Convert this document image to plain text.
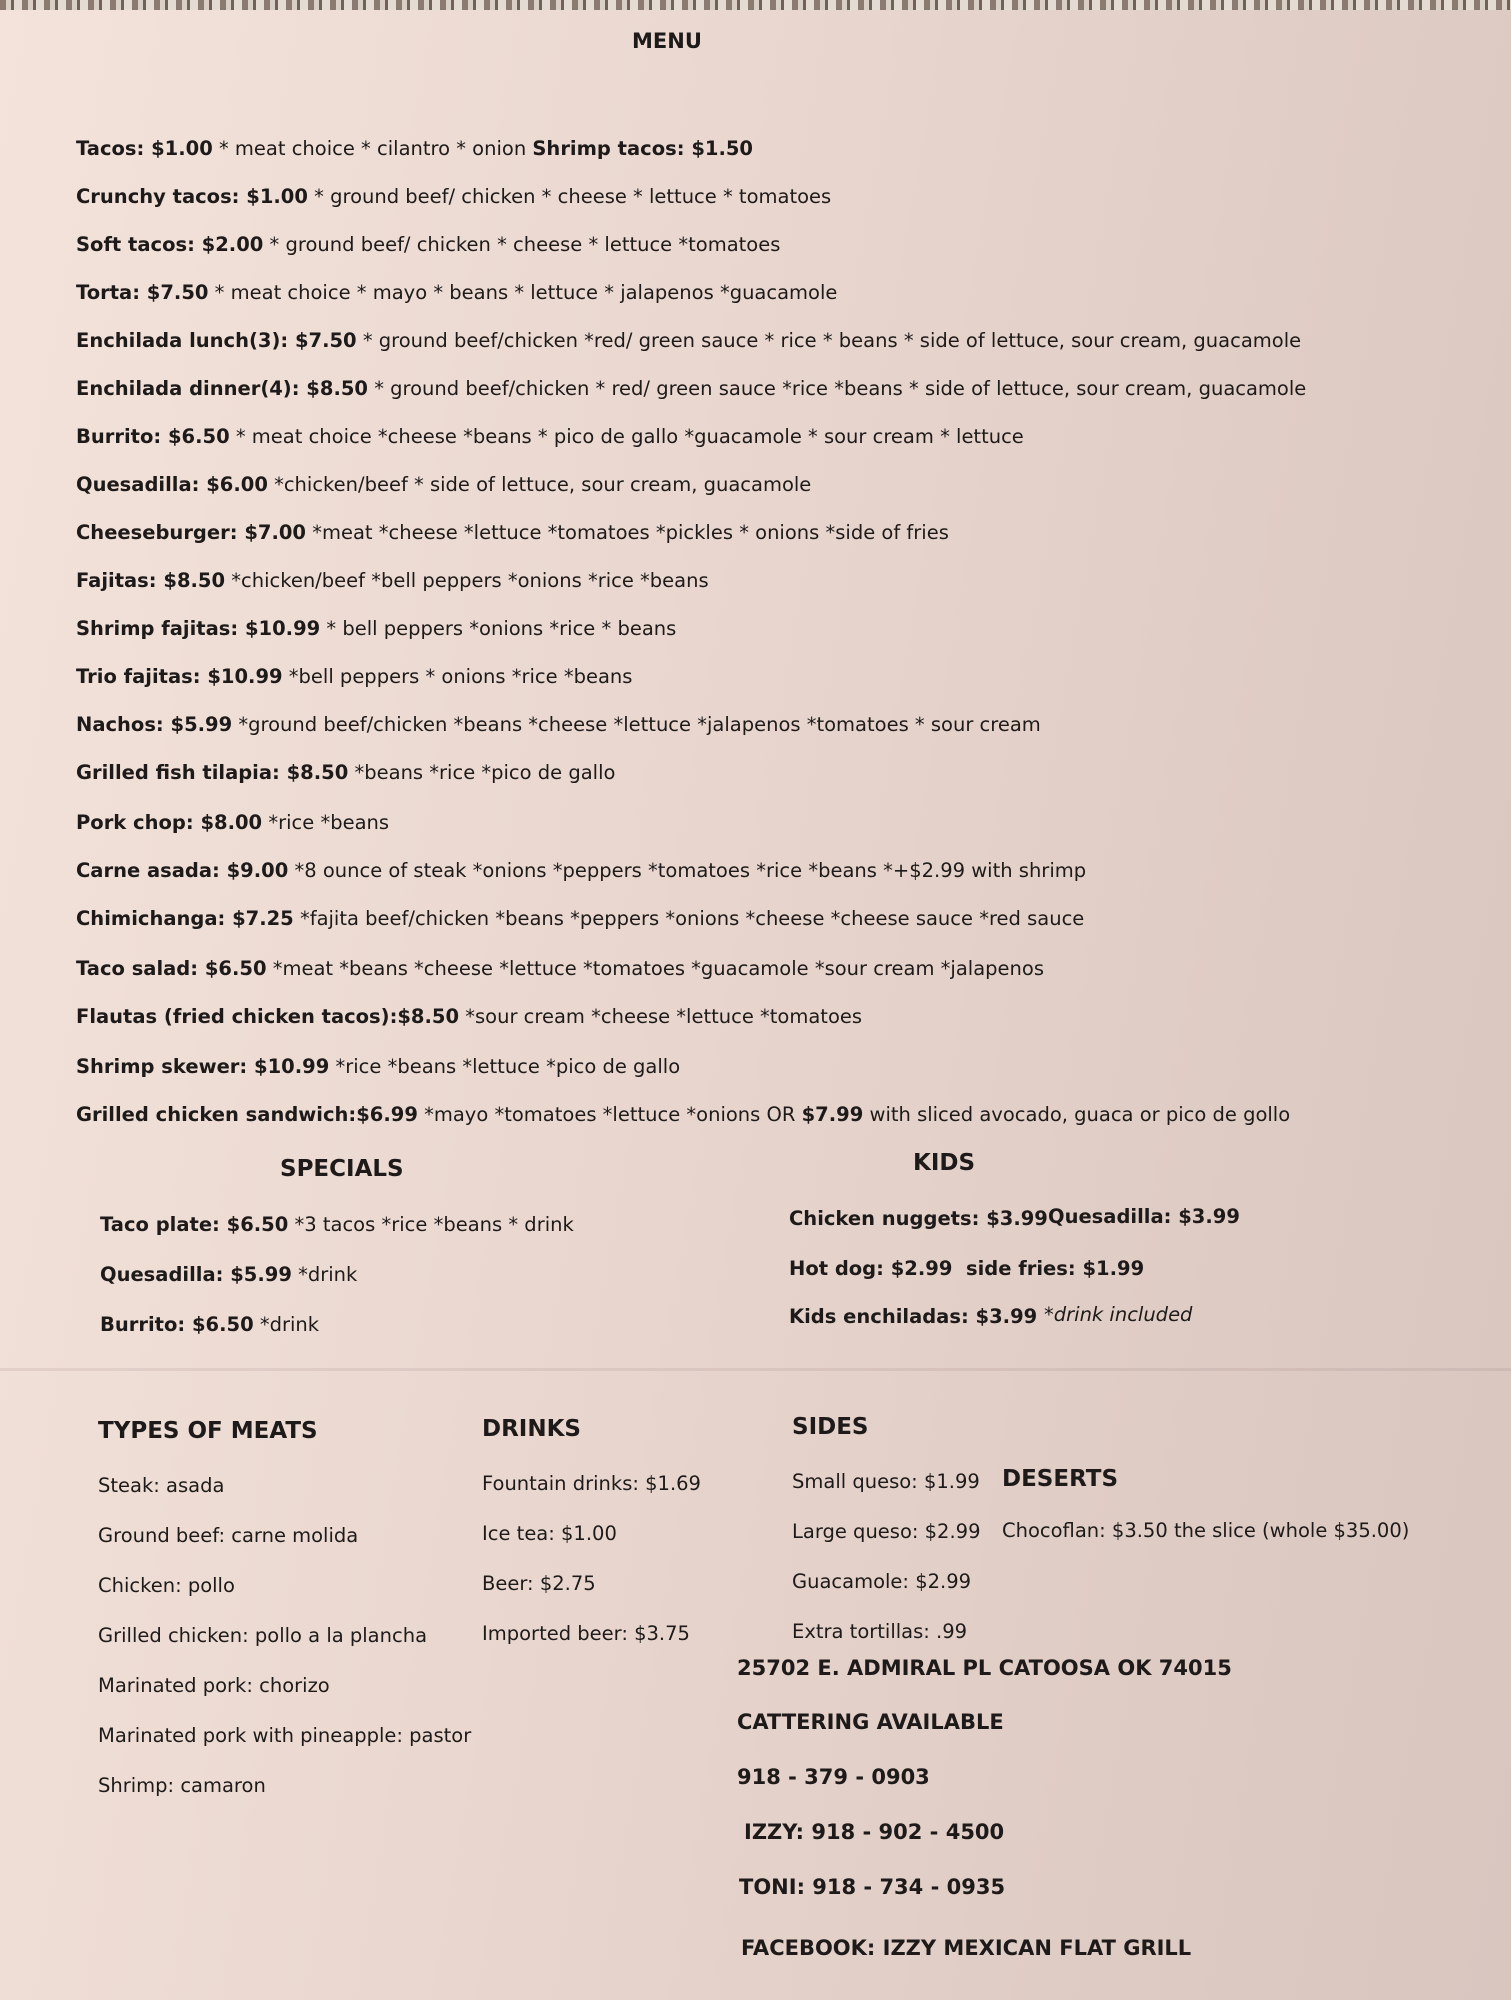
MENU
Tacos: $1.00 * meat choice * cilantro * onion Shrimp tacos: $1.50
Crunchy tacos: $1.00 * ground beef/ chicken * cheese * lettuce * tomatoes
Soft tacos: $2.00 * ground beef/ chicken * cheese * lettuce *tomatoes
Torta: $7.50 * meat choice * mayo * beans * lettuce * jalapenos *guacamole
Enchilada lunch(3): $7.50 * ground beef/chicken *red/ green sauce * rice * beans * side of lettuce, sour cream, guacamole
Enchilada dinner(4): $8.50 * ground beef/chicken * red/ green sauce *rice *beans * side of lettuce, sour cream, guacamole
Burrito: $6.50 * meat choice *cheese *beans * pico de gallo *guacamole * sour cream * lettuce
Quesadilla: $6.00 *chicken/beef * side of lettuce, sour cream, guacamole
Cheeseburger: $7.00 *meat *cheese *lettuce *tomatoes *pickles * onions *side of fries
Fajitas: $8.50 *chicken/beef *bell peppers *onions *rice *beans
Shrimp fajitas: $10.99 * bell peppers *onions *rice * beans
Trio fajitas: $10.99 *bell peppers * onions *rice *beans
Nachos: $5.99 *ground beef/chicken *beans *cheese *lettuce *jalapenos *tomatoes * sour cream
Grilled fish tilapia: $8.50 *beans *rice *pico de gallo
Pork chop: $8.00 *rice *beans
Carne asada: $9.00 *8 ounce of steak *onions *peppers *tomatoes *rice *beans *+$2.99 with shrimp
Chimichanga: $7.25 *fajita beef/chicken *beans *peppers *onions *cheese *cheese sauce *red sauce
Taco salad: $6.50 *meat *beans *cheese *lettuce *tomatoes *guacamole *sour cream *jalapenos
Flautas (fried chicken tacos):$8.50 *sour cream *cheese *lettuce *tomatoes
Shrimp skewer: $10.99 *rice *beans *lettuce *pico de gallo
Grilled chicken sandwich:$6.99 *mayo *tomatoes *lettuce *onions OR $7.99 with sliced avocado, guaca or pico de gollo
SPECIALS
Taco plate: $6.50 *3 tacos *rice *beans * drink
Quesadilla: $5.99 *drink
Burrito: $6.50 *drink
KIDS
Chicken nuggets: $3.99 Quesadilla: $3.99
Hot dog: $2.99 side fries: $1.99
Kids enchiladas: $3.99 *drink included
TYPES OF MEATS
Steak: asada
Ground beef: carne molida
Chicken: pollo
Grilled chicken: pollo a la plancha
Marinated pork: chorizo
Marinated pork with pineapple: pastor
Shrimp: camaron
DRINKS
Fountain drinks: $1.69
Ice tea: $1.00
Beer: $2.75
Imported beer: $3.75
SIDES
Small queso: $1.99
Large queso: $2.99
Guacamole: $2.99
Extra tortillas: .99
DESERTS
Chocoflan: $3.50 the slice (whole $35.00)
25702 E. ADMIRAL PL CATOOSA OK 74015
CATTERING AVAILABLE
918 - 379 - 0903
IZZY: 918 - 902 - 4500
TONI: 918 - 734 - 0935
FACEBOOK: IZZY MEXICAN FLAT GRILL
